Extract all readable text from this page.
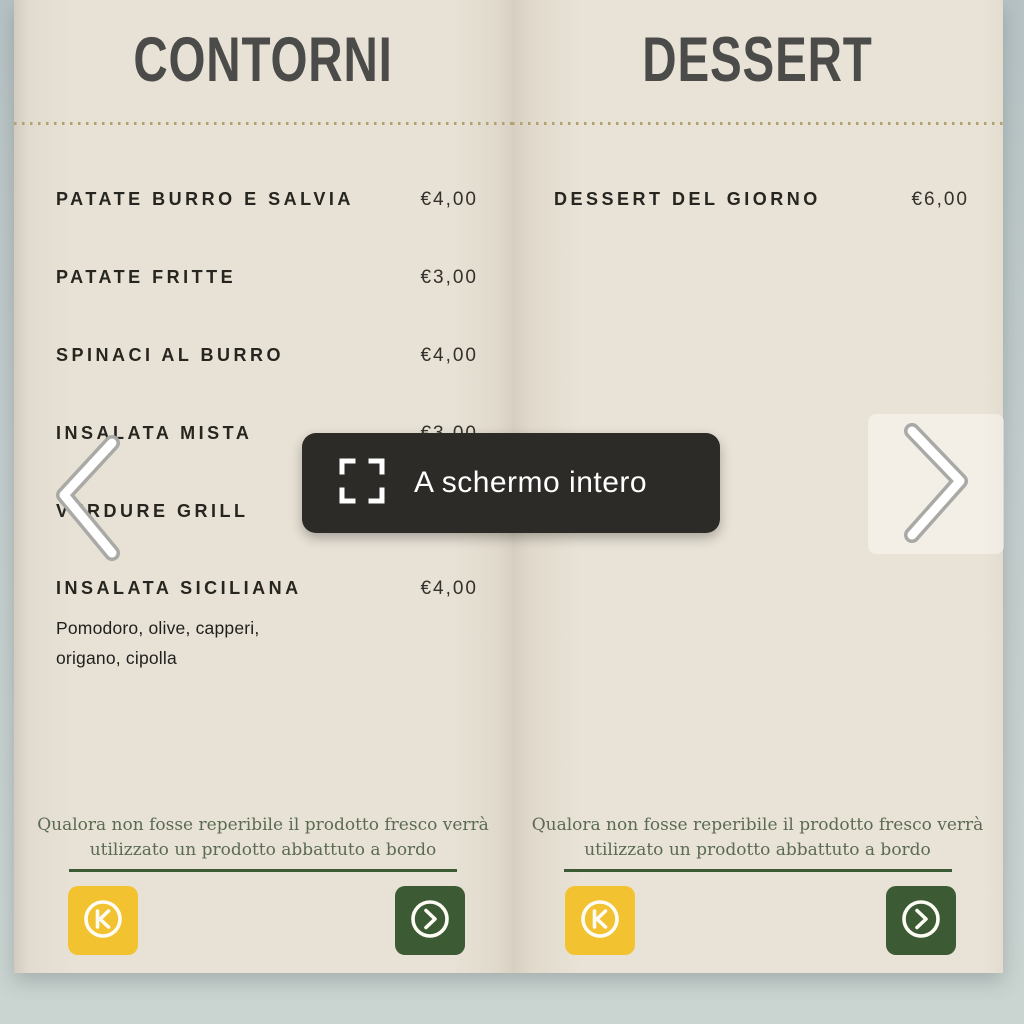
CONTORNI
PATATE BURRO E SALVIA	€4,00
PATATE FRITTE	€3,00
SPINACI AL BURRO	€4,00
INSALATA MISTA
VERDURE GRILL
INSALATA SICILIANA	€4,00
Pomodoro, olive, capperi, origano, cipolla
Qualora non fosse reperibile il prodotto fresco verrà
utilizzato un prodotto abbattuto a bordo
DESSERT
DESSERT DEL GIORNO	€6,00
Qualora non fosse reperibile il prodotto fresco verrà
utilizzato un prodotto abbattuto a bordo
A schermo intero
